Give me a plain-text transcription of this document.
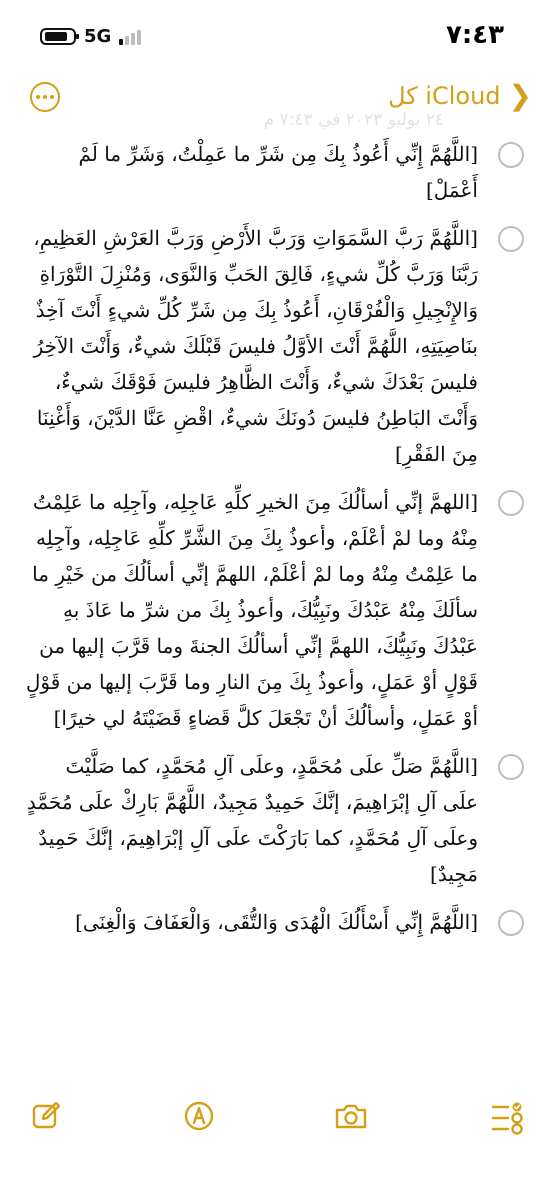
5G	٧:٤٣
كل iCloud ❯
٢٤ يوليو ٢٠٢٣ في ٧:٤٣ م
[اللَّهُمَّ إِنِّي أَعُوذُ بِكَ مِن شَرِّ ما عَمِلْتُ، وَشَرِّ ما لَمْ أَعْمَلْ]
[اللَّهُمَّ رَبَّ السَّمَوَاتِ وَرَبَّ الأَرْضِ وَرَبَّ العَرْشِ العَظِيمِ، رَبَّنَا وَرَبَّ كُلِّ شيءٍ، فَالِقَ الحَبِّ وَالنَّوَى، وَمُنْزِلَ التَّوْرَاةِ وَالإِنْجِيلِ وَالْفُرْقَانِ، أَعُوذُ بِكَ مِن شَرِّ كُلِّ شيءٍ أَنْتَ آخِذٌ بنَاصِيَتِهِ، اللَّهُمَّ أَنْتَ الأوَّلُ فليسَ قَبْلَكَ شيءٌ، وَأَنْتَ الآخِرُ فليسَ بَعْدَكَ شيءٌ، وَأَنْتَ الظَّاهِرُ فليسَ فَوْقَكَ شيءٌ، وَأَنْتَ البَاطِنُ فليسَ دُونَكَ شيءٌ، اقْضِ عَنَّا الدَّيْنَ، وَأَغْنِنَا مِنَ الفَقْرِ]
[اللهمَّ إنِّي أسألُكَ مِنَ الخيرِ كلِّهِ عَاجِلِه، وآجِلِه ما عَلِمْتُ مِنْهُ وما لمْ أعْلَمْ، وأعوذُ بِكَ مِنَ الشَّرِّ كلِّهِ عَاجِلِه، وآجِلِه ما عَلِمْتُ مِنْهُ وما لمْ أعْلَمْ، اللهمَّ إنِّي أسألُكَ من خَيْرِ ما سألَكَ مِنْهُ عَبْدُكَ ونَبِيُّكَ، وأعوذُ بِكَ من شرِّ ما عَاذَ بهِ عَبْدُكَ ونَبِيُّكَ، اللهمَّ إنِّي أسألُكَ الجنةَ وما قَرَّبَ إليها من قَوْلٍ أوْ عَمَلٍ، وأعوذُ بِكَ مِنَ النارِ وما قَرَّبَ إليها من قَوْلٍ أوْ عَمَلٍ، وأسألُكَ أنْ تَجْعَلَ كلَّ قَضاءٍ قَضَيْتَهُ لي خيرًا]
[اللَّهُمَّ صَلِّ علَى مُحَمَّدٍ، وعلَى آلِ مُحَمَّدٍ، كما صَلَّيْتَ علَى آلِ إبْرَاهِيمَ، إنَّكَ حَمِيدٌ مَجِيدٌ، اللَّهُمَّ بَارِكْ علَى مُحَمَّدٍ وعلَى آلِ مُحَمَّدٍ، كما بَارَكْتَ علَى آلِ إبْرَاهِيمَ، إنَّكَ حَمِيدٌ مَجِيدٌ]
[اللَّهُمَّ إِنِّي أَسْأَلُكَ الْهُدَى وَالتُّقَى، وَالْعَفَافَ وَالْغِنَى]
